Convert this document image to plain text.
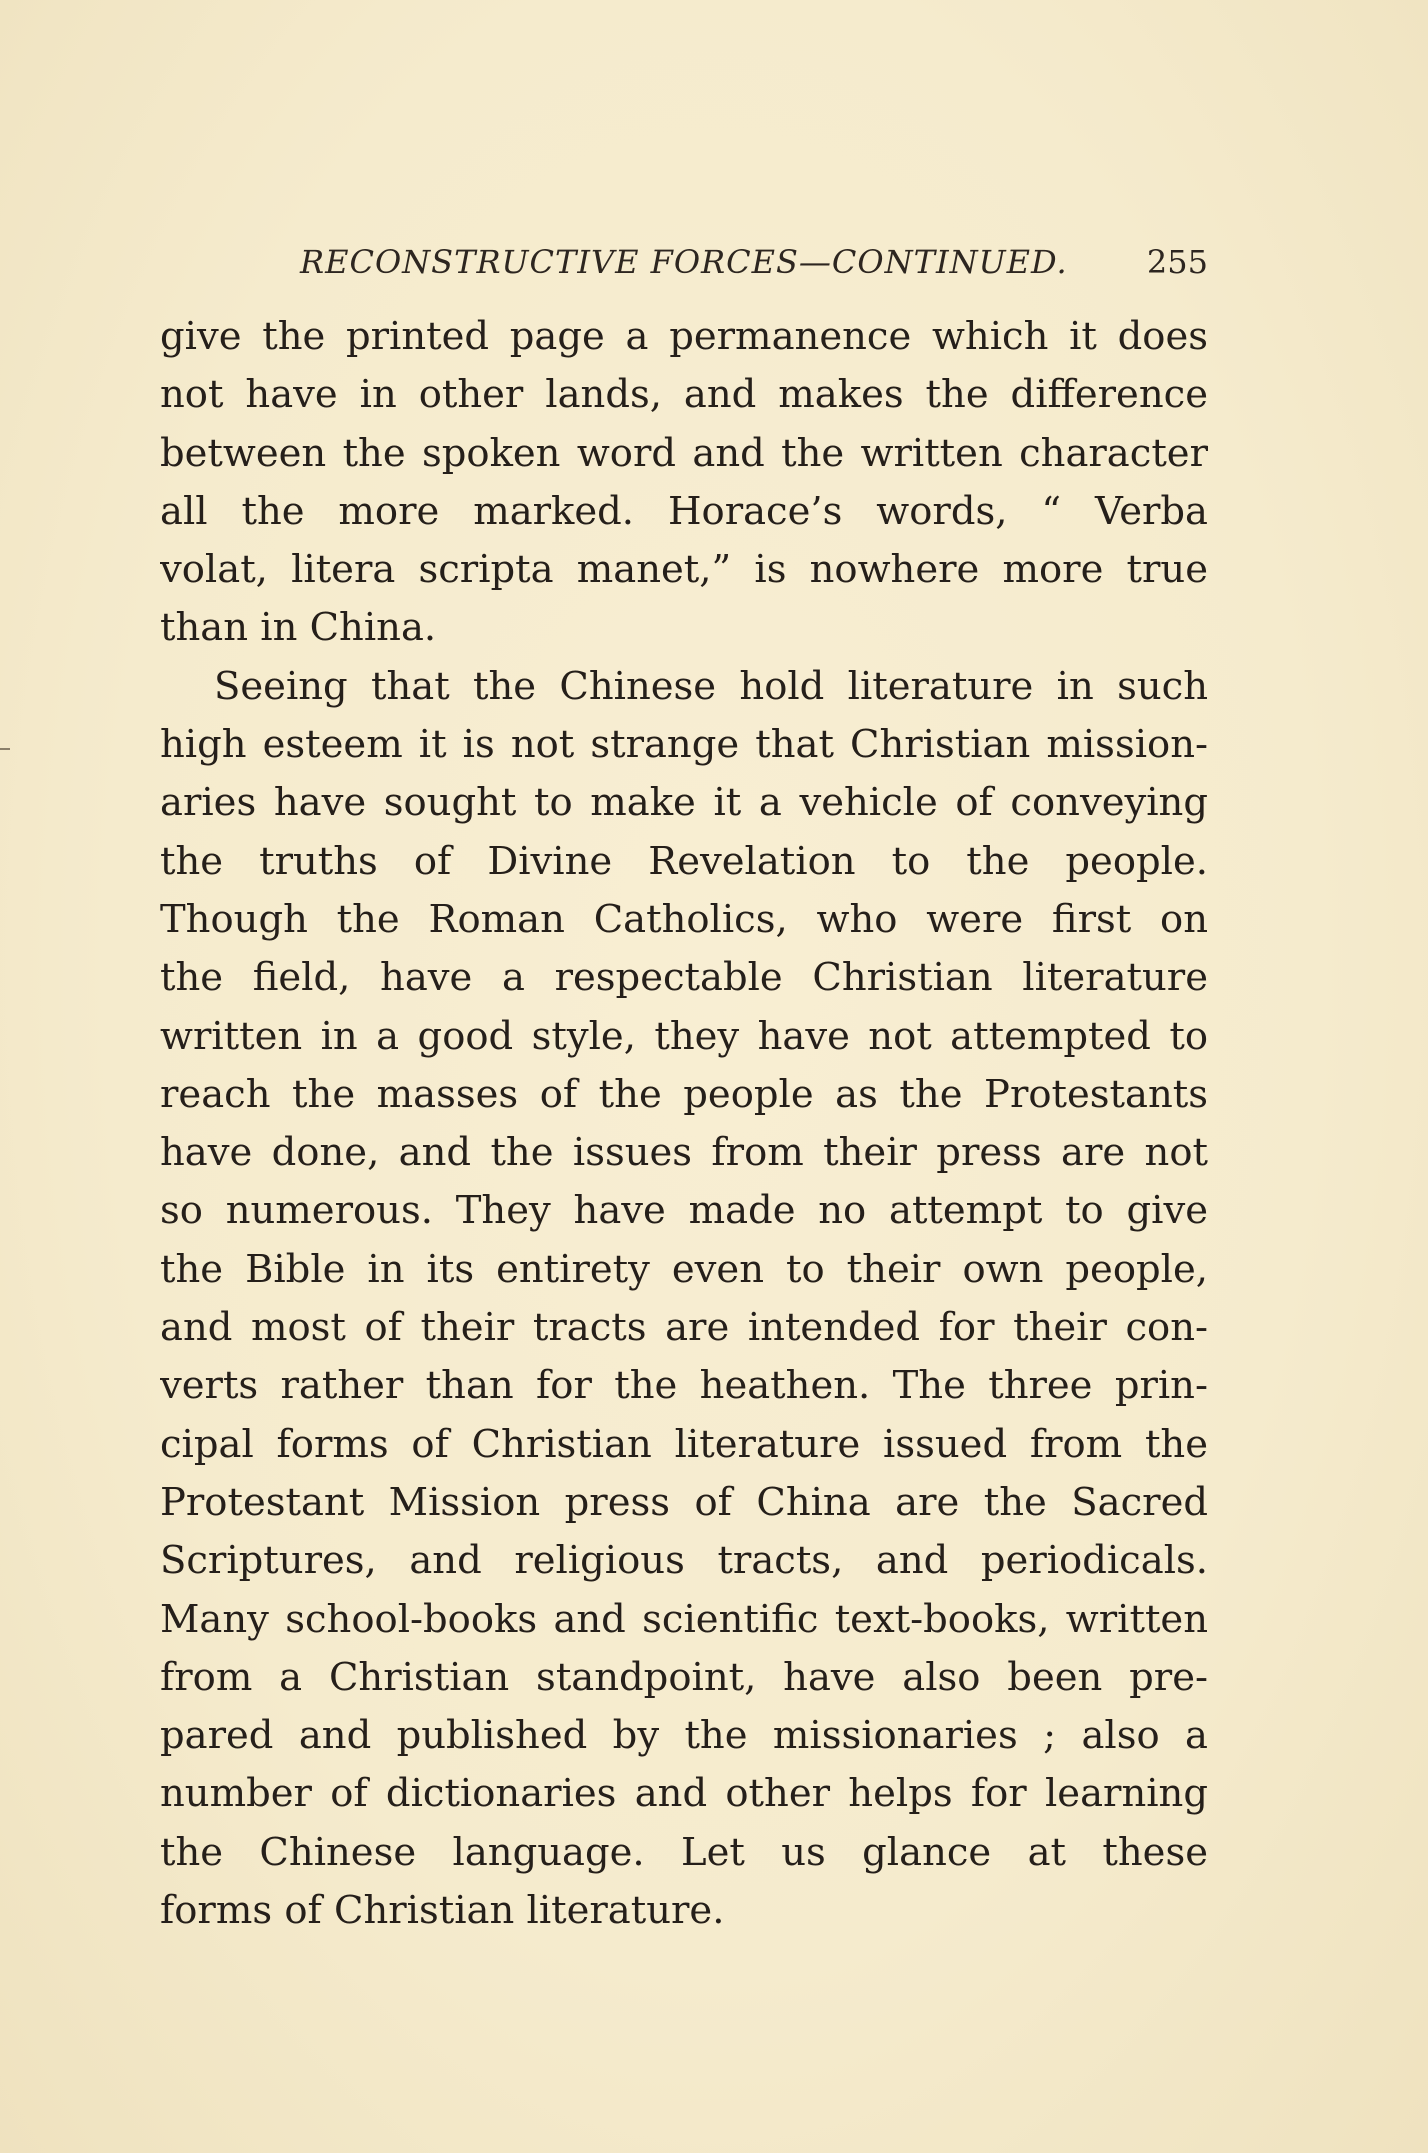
RECONSTRUCTIVE FORCES—CONTINUED. 255
give the printed page a permanence which it does
not have in other lands, and makes the difference
between the spoken word and the written character
all the more marked. Horace’s words, “ Verba
volat, litera scripta manet,” is nowhere more true
than in China.
Seeing that the Chinese hold literature in such
high esteem it is not strange that Christian mission-
aries have sought to make it a vehicle of conveying
the truths of Divine Revelation to the people.
Though the Roman Catholics, who were first on
the field, have a respectable Christian literature
written in a good style, they have not attempted to
reach the masses of the people as the Protestants
have done, and the issues from their press are not
so numerous. They have made no attempt to give
the Bible in its entirety even to their own people,
and most of their tracts are intended for their con-
verts rather than for the heathen. The three prin-
cipal forms of Christian literature issued from the
Protestant Mission press of China are the Sacred
Scriptures, and religious tracts, and periodicals.
Many school-books and scientific text-books, written
from a Christian standpoint, have also been pre-
pared and published by the missionaries ; also a
number of dictionaries and other helps for learning
the Chinese language. Let us glance at these
forms of Christian literature.
